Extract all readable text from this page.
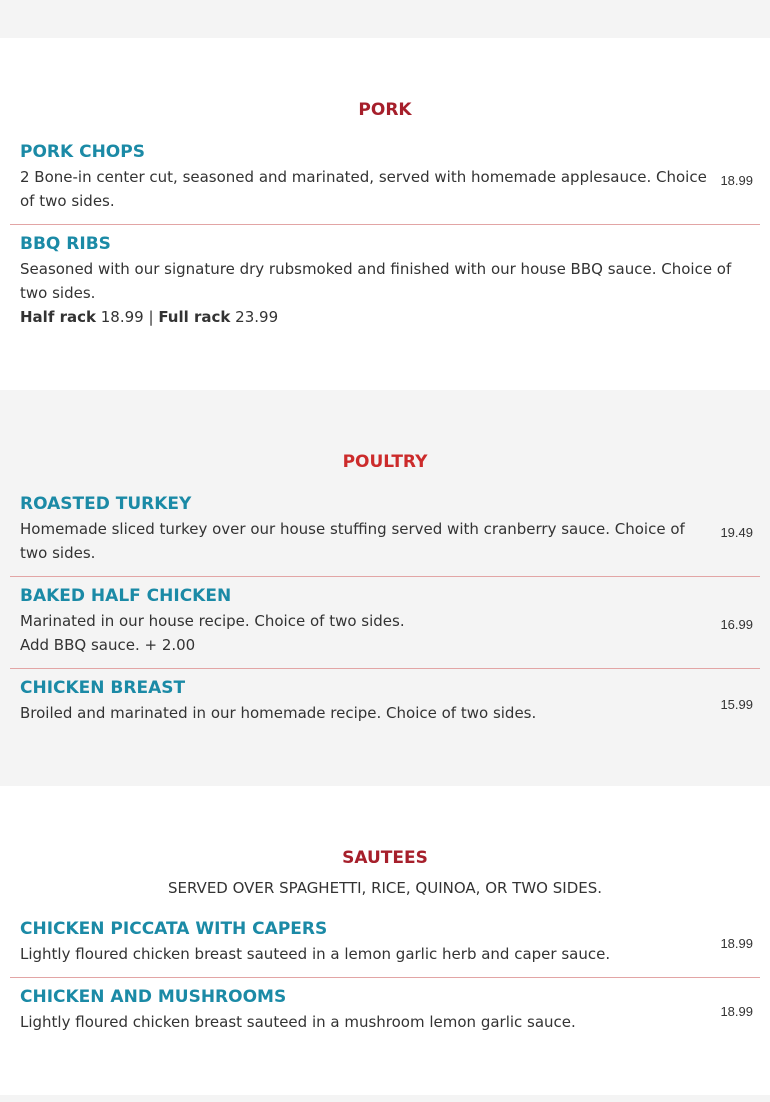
PORK
PORK CHOPS
2 Bone-in center cut, seasoned and marinated, served with homemade applesauce. Choice of two sides.
18.99
BBQ RIBS
Seasoned with our signature dry rubsmoked and finished with our house BBQ sauce. Choice of two sides.
Half rack 18.99 | Full rack 23.99
POULTRY
ROASTED TURKEY
Homemade sliced turkey over our house stuffing served with cranberry sauce. Choice of two sides.
19.49
BAKED HALF CHICKEN
Marinated in our house recipe. Choice of two sides.
Add BBQ sauce. + 2.00
16.99
CHICKEN BREAST
Broiled and marinated in our homemade recipe. Choice of two sides.	15.99
SAUTEES
SERVED OVER SPAGHETTI, RICE, QUINOA, OR TWO SIDES.
CHICKEN PICCATA WITH CAPERS
Lightly floured chicken breast sauteed in a lemon garlic herb and caper sauce.
18.99
CHICKEN AND MUSHROOMS
Lightly floured chicken breast sauteed in a mushroom lemon garlic sauce.
18.99
